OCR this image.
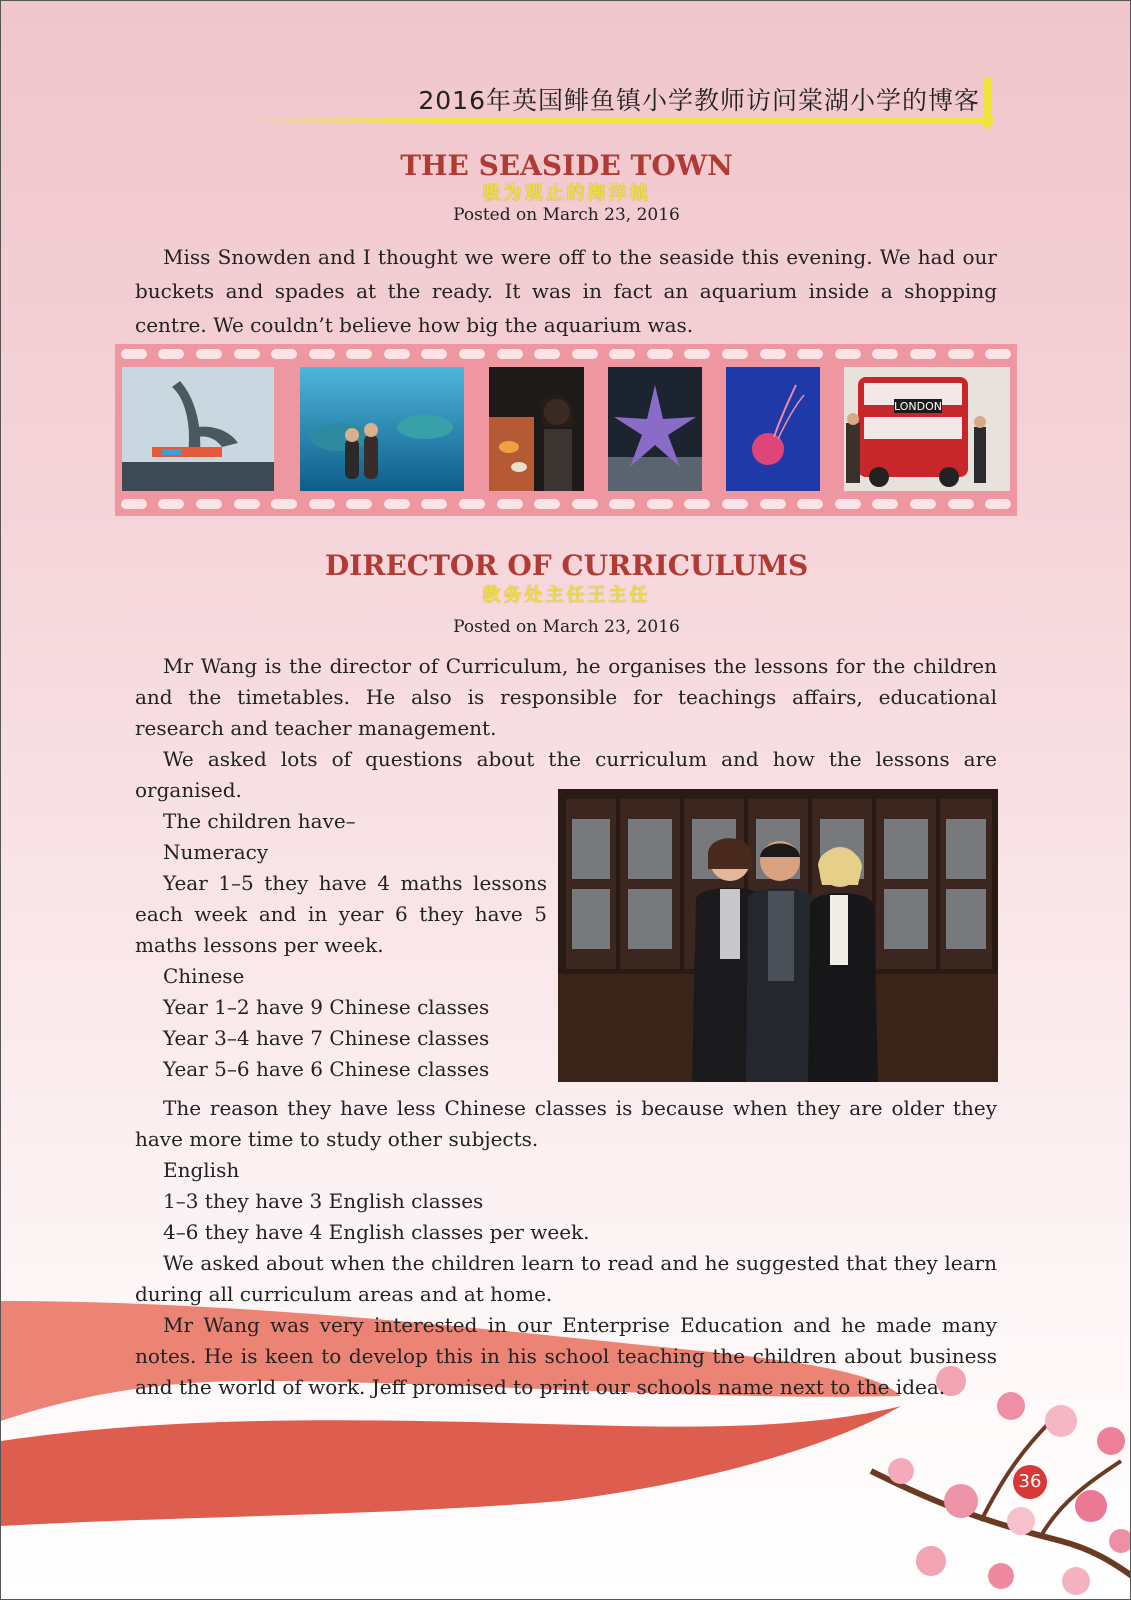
2016年英国鲱鱼镇小学教师访问棠湖小学的博客
THE SEASIDE TOWN
吸为观止的海洋城
Posted on March 23, 2016

Miss Snowden and I thought we were off to the seaside this evening. We had our buckets and spades at the ready. It was in fact an aquarium inside a shopping centre. We couldn’t believe how big the aquarium was.

LONDON
DIRECTOR OF CURRICULUMS
教务处主任王主任
Posted on March 23, 2016

Mr Wang is the director of Curriculum, he organises the lessons for the children and the timetables. He also is responsible for teachings affairs, educational research and teacher management.

We asked lots of questions about the curriculum and how the lessons are organised.

The children have–

Numeracy

Year 1–5 they have 4 maths lessons each week and in year 6 they have 5 maths lessons per week.

Chinese

Year 1–2 have 9 Chinese classes

Year 3–4 have 7 Chinese classes

Year 5–6 have 6 Chinese classes

The reason they have less Chinese classes is because when they are older they have more time to study other subjects.

English

1–3 they have 3 English classes

4–6 they have 4 English classes per week.

We asked about when the children learn to read and he suggested that they learn during all curriculum areas and at home.

Mr Wang was very interested in our Enterprise Education and he made many notes. He is keen to develop this in his school teaching the children about business and the world of work. Jeff promised to print our schools name next to the idea.

36
